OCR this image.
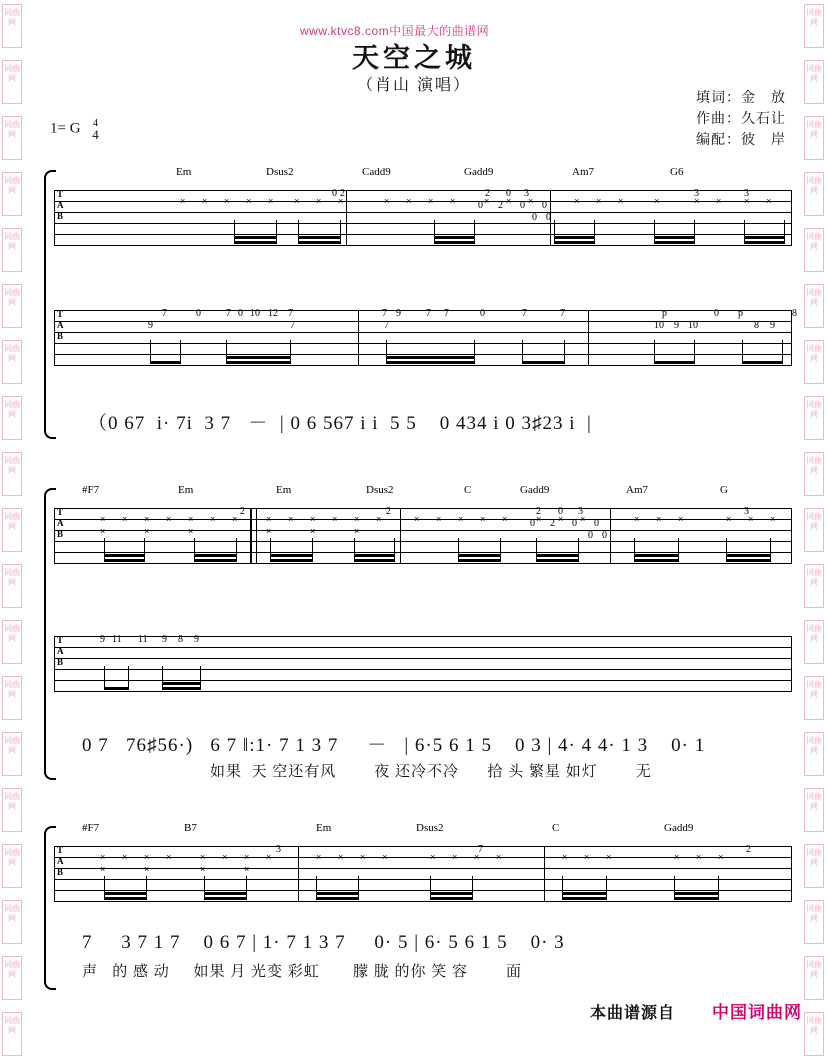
词曲网
词曲网
词曲网
词曲网
词曲网
词曲网
词曲网
词曲网
词曲网
词曲网
词曲网
词曲网
词曲网
词曲网
词曲网
词曲网
词曲网
词曲网
词曲网
词曲网
词曲网
词曲网
词曲网
词曲网
词曲网
词曲网
词曲网
词曲网
词曲网
词曲网
词曲网
词曲网
词曲网
词曲网
词曲网
词曲网
词曲网
词曲网
www.ktvc8.com中国最大的曲谱网
天空之城
（肖山 演唱）
填词：金　放
作曲：久石让
编配：彼　岸
1= G 4
4
Em	Dsus2	Cadd9	Gadd9	Am7	G6
T
A
B
× × × × × × × ×	× × × ×	× × ×	× × ×	×	× ×	× ×
0 2	2 0 3
0 2 0 0
0 0
3	3
T
A
B
7	0	7 0 10 12 7
9	7
7 9	7 7	0
7
7	7	p	0 p	8
10 9 10	8 9
（0 67  i· 7i  3 7   －  | 0 6 567 i i  5 5    0 434 i 0 3♯23 i  |
#F7	Em	Em	Dsus2	C	Gadd9	Am7	G
T
A
B
× × × × × × ×
×	×	×
× × × × × ×
×	×	×
× × × × ×	× × ×	× × ×	× × ×
2	2	2 0 3
0 2 0 0
0 0
3
T
A
B
9 11 11 9 8 9
0 7   76♯56·)   6 7 ‖:1· 7 1 3 7     －   | 6·5 6 1 5    0 3 | 4· 4 4· 1 3    0· 1
如果  天 空还有风        夜 还冷不冷      拾 头 繁星 如灯        无
#F7	B7	Em	Dsus2	C	Gadd9
T
A
B
× × × ×	× × × ×
×	×	×	×
× × × ×	× × × ×	× × ×	× × ×
3	7	2
7     3 7 1 7    0 6 7 | 1· 7 1 3 7     0· 5 | 6· 5 6 1 5    0· 3
声   的 感 动     如果 月 光变 彩虹       朦 胧 的你 笑 容        面
本曲谱源自 中国词曲网
